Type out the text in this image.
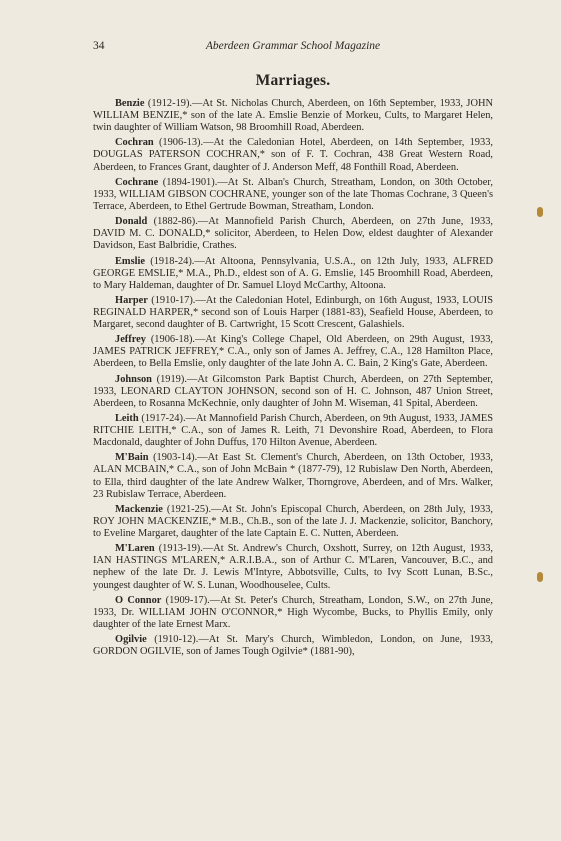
34	Aberdeen Grammar School Magazine
Marriages.

Benzie (1912-19).—At St. Nicholas Church, Aberdeen, on 16th September, 1933, JOHN WILLIAM BENZIE,* son of the late A. Emslie Benzie of Morkeu, Cults, to Margaret Helen, twin daughter of William Watson, 98 Broomhill Road, Aberdeen.

Cochran (1906-13).—At the Caledonian Hotel, Aberdeen, on 14th September, 1933, DOUGLAS PATERSON COCHRAN,* son of F. T. Cochran, 438 Great Western Road, Aberdeen, to Frances Grant, daughter of J. Anderson Meff, 48 Fonthill Road, Aberdeen.

Cochrane (1894-1901).—At St. Alban's Church, Streatham, London, on 30th October, 1933, WILLIAM GIBSON COCHRANE, younger son of the late Thomas Cochrane, 3 Queen's Terrace, Aberdeen, to Ethel Gertrude Bowman, Streatham, London.

Donald (1882-86).—At Mannofield Parish Church, Aberdeen, on 27th June, 1933, DAVID M. C. DONALD,* solicitor, Aberdeen, to Helen Dow, eldest daughter of Alexander Davidson, East Balbridie, Crathes.

Emslie (1918-24).—At Altoona, Pennsylvania, U.S.A., on 12th July, 1933, ALFRED GEORGE EMSLIE,* M.A., Ph.D., eldest son of A. G. Emslie, 145 Broomhill Road, Aberdeen, to Mary Haldeman, daughter of Dr. Samuel Lloyd McCarthy, Altoona.

Harper (1910-17).—At the Caledonian Hotel, Edinburgh, on 16th August, 1933, LOUIS REGINALD HARPER,* second son of Louis Harper (1881-83), Seafield House, Aberdeen, to Margaret, second daughter of B. Cartwright, 15 Scott Crescent, Galashiels.

Jeffrey (1906-18).—At King's College Chapel, Old Aberdeen, on 29th August, 1933, JAMES PATRICK JEFFREY,* C.A., only son of James A. Jeffrey, C.A., 128 Hamilton Place, Aberdeen, to Bella Emslie, only daughter of the late John A. C. Bain, 2 King's Gate, Aberdeen.

Johnson (1919).—At Gilcomston Park Baptist Church, Aberdeen, on 27th September, 1933, LEONARD CLAYTON JOHNSON, second son of H. C. Johnson, 487 Union Street, Aberdeen, to Rosanna McKechnie, only daughter of John M. Wiseman, 41 Spital, Aberdeen.

Leith (1917-24).—At Mannofield Parish Church, Aberdeen, on 9th August, 1933, JAMES RITCHIE LEITH,* C.A., son of James R. Leith, 71 Devonshire Road, Aberdeen, to Flora Macdonald, daughter of John Duffus, 170 Hilton Avenue, Aberdeen.

M'Bain (1903-14).—At East St. Clement's Church, Aberdeen, on 13th October, 1933, ALAN MCBAIN,* C.A., son of John McBain * (1877-79), 12 Rubislaw Den North, Aberdeen, to Ella, third daughter of the late Andrew Walker, Thorngrove, Aberdeen, and of Mrs. Walker, 23 Rubislaw Terrace, Aberdeen.

Mackenzie (1921-25).—At St. John's Episcopal Church, Aberdeen, on 28th July, 1933, ROY JOHN MACKENZIE,* M.B., Ch.B., son of the late J. J. Mackenzie, solicitor, Banchory, to Eveline Margaret, daughter of the late Captain E. C. Nutten, Aberdeen.

M'Laren (1913-19).—At St. Andrew's Church, Oxshott, Surrey, on 12th August, 1933, IAN HASTINGS M'LAREN,* A.R.I.B.A., son of Arthur C. M'Laren, Vancouver, B.C., and nephew of the late Dr. J. Lewis M'Intyre, Abbotsville, Cults, to Ivy Scott Lunan, B.Sc., youngest daughter of W. S. Lunan, Woodhouselee, Cults.

O Connor (1909-17).—At St. Peter's Church, Streatham, London, S.W., on 27th June, 1933, Dr. WILLIAM JOHN O'CONNOR,* High Wycombe, Bucks, to Phyllis Emily, only daughter of the late Ernest Marx.

Ogilvie (1910-12).—At St. Mary's Church, Wimbledon, London, on June, 1933, GORDON OGILVIE, son of James Tough Ogilvie* (1881-90),
